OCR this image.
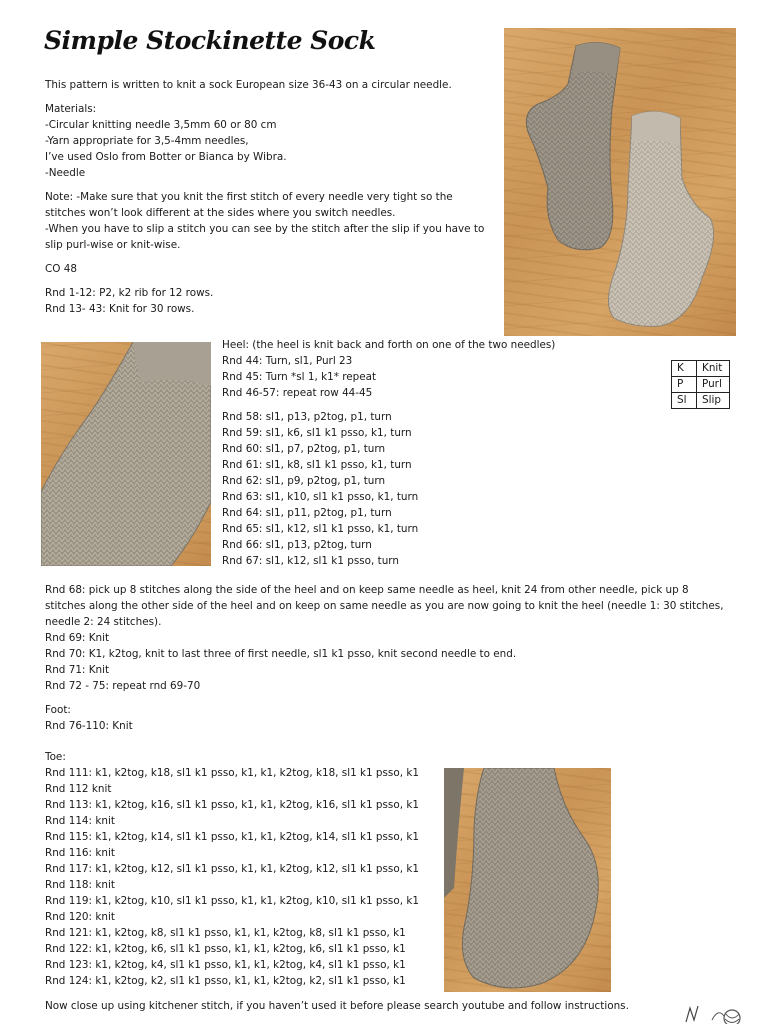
Simple Stockinette Sock
This pattern is written to knit a sock European size 36-43 on a circular needle.
Materials:
-Circular knitting needle 3,5mm 60 or 80 cm
-Yarn appropriate for 3,5-4mm needles,
I’ve used Oslo from Botter or Bianca by Wibra.
-Needle
Note: -Make sure that you knit the first stitch of every needle very tight so the
stitches won’t look different at the sides where you switch needles.
-When you have to slip a stitch you can see by the stitch after the slip if you have to
slip purl-wise or knit-wise.
CO 48
Rnd 1-12: P2, k2 rib for 12 rows.
Rnd 13- 43: Knit for 30 rows.
Heel: (the heel is knit back and forth on one of the two needles)
Rnd 44: Turn, sl1, Purl 23
Rnd 45: Turn *sl 1, k1* repeat
Rnd 46-57: repeat row 44-45
Rnd 58: sl1, p13, p2tog, p1, turn
Rnd 59: sl1, k6, sl1 k1 psso, k1, turn
Rnd 60: sl1, p7, p2tog, p1, turn
Rnd 61: sl1, k8, sl1 k1 psso, k1, turn
Rnd 62: sl1, p9, p2tog, p1, turn
Rnd 63: sl1, k10, sl1 k1 psso, k1, turn
Rnd 64: sl1, p11, p2tog, p1, turn
Rnd 65: sl1, k12, sl1 k1 psso, k1, turn
Rnd 66: sl1, p13, p2tog, turn
Rnd 67: sl1, k12, sl1 k1 psso, turn
K	Knit
P	Purl
Sl	Slip
Rnd 68: pick up 8 stitches along the side of the heel and on keep same needle as heel, knit 24 from other needle, pick up 8
stitches along the other side of the heel and on keep on same needle as you are now going to knit the heel (needle 1: 30 stitches,
needle 2: 24 stitches).
Rnd 69: Knit
Rnd 70: K1, k2tog, knit to last three of first needle, sl1 k1 psso, knit second needle to end.
Rnd 71: Knit
Rnd 72 - 75: repeat rnd 69-70
Foot:
Rnd 76-110: Knit
Toe:
Rnd 111: k1, k2tog, k18, sl1 k1 psso, k1, k1, k2tog, k18, sl1 k1 psso, k1
Rnd 112 knit
Rnd 113: k1, k2tog, k16, sl1 k1 psso, k1, k1, k2tog, k16, sl1 k1 psso, k1
Rnd 114: knit
Rnd 115: k1, k2tog, k14, sl1 k1 psso, k1, k1, k2tog, k14, sl1 k1 psso, k1
Rnd 116: knit
Rnd 117: k1, k2tog, k12, sl1 k1 psso, k1, k1, k2tog, k12, sl1 k1 psso, k1
Rnd 118: knit
Rnd 119: k1, k2tog, k10, sl1 k1 psso, k1, k1, k2tog, k10, sl1 k1 psso, k1
Rnd 120: knit
Rnd 121: k1, k2tog, k8, sl1 k1 psso, k1, k1, k2tog, k8, sl1 k1 psso, k1
Rnd 122: k1, k2tog, k6, sl1 k1 psso, k1, k1, k2tog, k6, sl1 k1 psso, k1
Rnd 123: k1, k2tog, k4, sl1 k1 psso, k1, k1, k2tog, k4, sl1 k1 psso, k1
Rnd 124: k1, k2tog, k2, sl1 k1 psso, k1, k1, k2tog, k2, sl1 k1 psso, k1
Now close up using kitchener stitch, if you haven’t used it before please search youtube and follow instructions.
